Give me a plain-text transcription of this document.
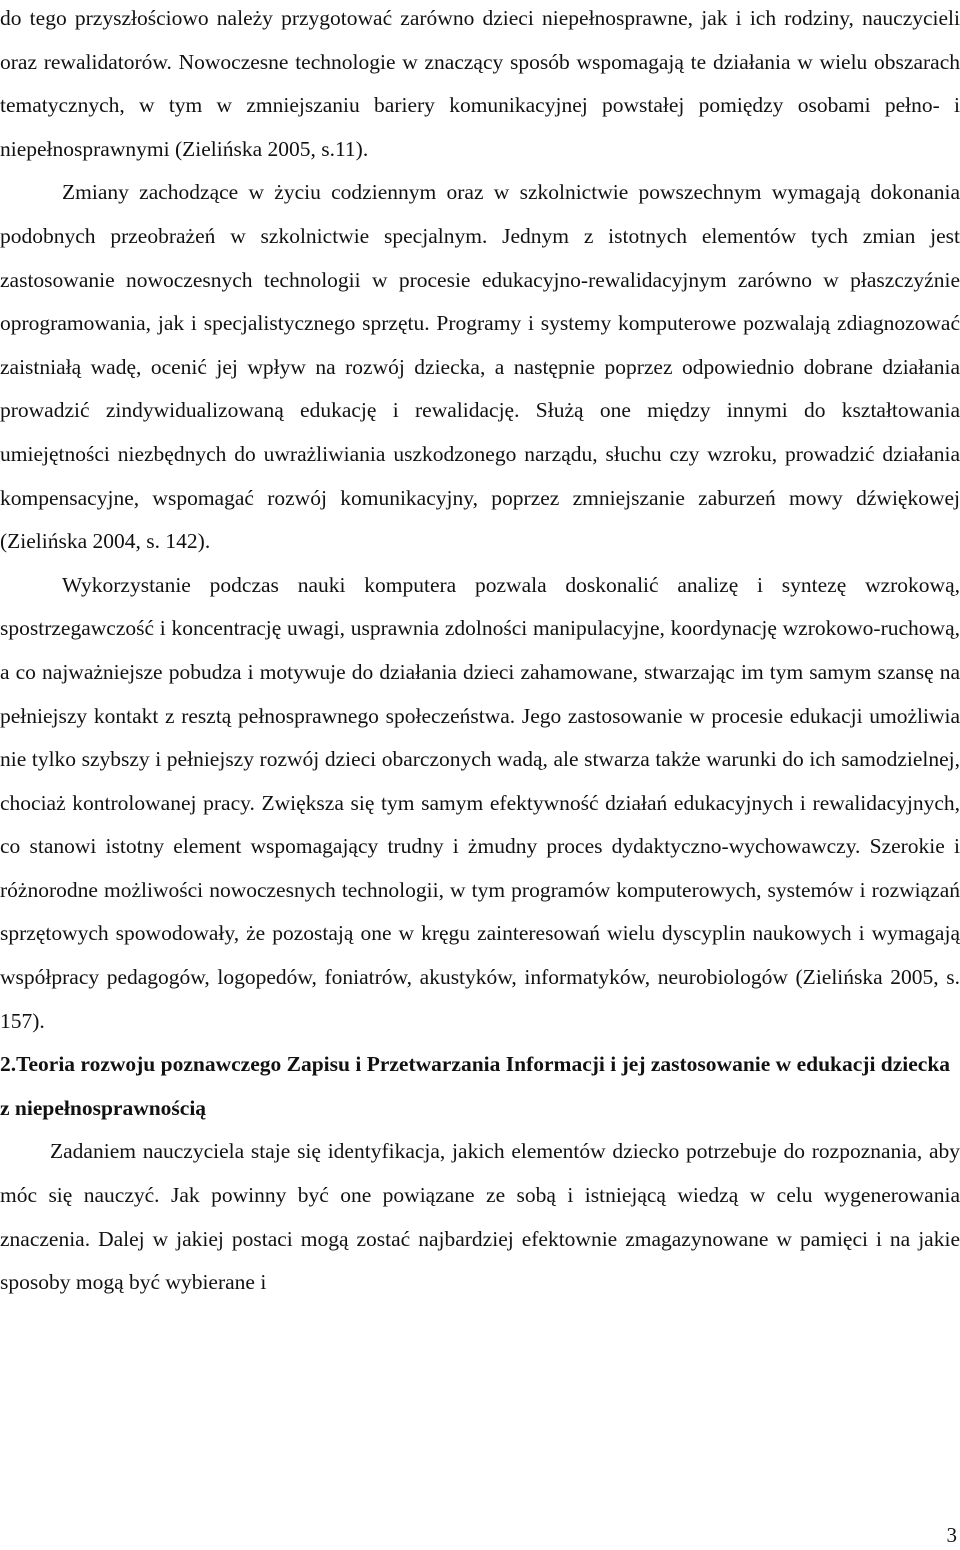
do tego przyszłościowo należy przygotować zarówno dzieci niepełnosprawne, jak i ich rodziny, nauczycieli oraz rewalidatorów. Nowoczesne technologie w znaczący sposób wspomagają te działania w wielu obszarach tematycznych, w tym w zmniejszaniu bariery komunikacyjnej powstałej pomiędzy osobami pełno- i niepełnosprawnymi (Zielińska 2005, s.11).

Zmiany zachodzące w życiu codziennym oraz w szkolnictwie powszechnym wymagają dokonania podobnych przeobrażeń w szkolnictwie specjalnym. Jednym z istotnych elementów tych zmian jest zastosowanie nowoczesnych technologii w procesie edukacyjno-rewalidacyjnym zarówno w płaszczyźnie oprogramowania, jak i specjalistycznego sprzętu. Programy i systemy komputerowe pozwalają zdiagnozować zaistniałą wadę, ocenić jej wpływ na rozwój dziecka, a następnie poprzez odpowiednio dobrane działania prowadzić zindywidualizowaną edukację i rewalidację. Służą one między innymi do kształtowania umiejętności niezbędnych do uwrażliwiania uszkodzonego narządu, słuchu czy wzroku, prowadzić działania kompensacyjne, wspomagać rozwój komunikacyjny, poprzez zmniejszanie zaburzeń mowy dźwiękowej (Zielińska 2004, s. 142).

Wykorzystanie podczas nauki komputera pozwala doskonalić analizę i syntezę wzrokową, spostrzegawczość i koncentrację uwagi, usprawnia zdolności manipulacyjne, koordynację wzrokowo-ruchową, a co najważniejsze pobudza i motywuje do działania dzieci zahamowane, stwarzając im tym samym szansę na pełniejszy kontakt z resztą pełnosprawnego społeczeństwa. Jego zastosowanie w procesie edukacji umożliwia nie tylko szybszy i pełniejszy rozwój dzieci obarczonych wadą, ale stwarza także warunki do ich samodzielnej, chociaż kontrolowanej pracy. Zwiększa się tym samym efektywność działań edukacyjnych i rewalidacyjnych, co stanowi istotny element wspomagający trudny i żmudny proces dydaktyczno-wychowawczy. Szerokie i różnorodne możliwości nowoczesnych technologii, w tym programów komputerowych, systemów i rozwiązań sprzętowych spowodowały, że pozostają one w kręgu zainteresowań wielu dyscyplin naukowych i wymagają współpracy pedagogów, logopedów, foniatrów, akustyków, informatyków, neurobiologów (Zielińska 2005, s. 157).

2.Teoria rozwoju poznawczego Zapisu i Przetwarzania Informacji i jej zastosowanie w edukacji dziecka z niepełnosprawnością

Zadaniem nauczyciela staje się identyfikacja, jakich elementów dziecko potrzebuje do rozpoznania, aby móc się nauczyć. Jak powinny być one powiązane ze sobą i istniejącą wiedzą w celu wygenerowania znaczenia. Dalej w jakiej postaci mogą zostać najbardziej efektownie zmagazynowane w pamięci i na jakie sposoby mogą być wybierane i

3
